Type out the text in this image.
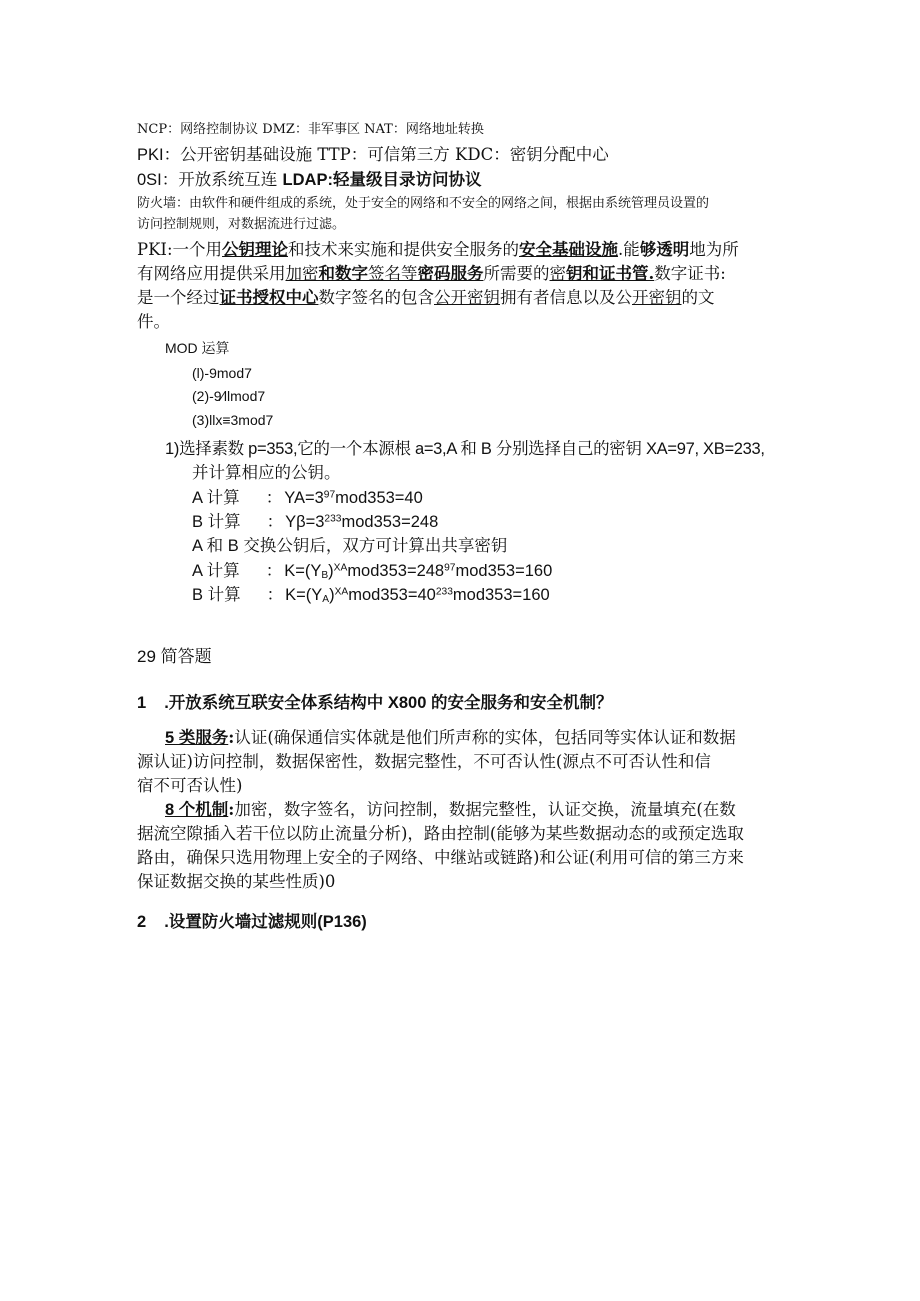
NCP：网络控制协议 DMZ：非军事区 NAT：网络地址转换
PKI：公开密钥基础设施 TTP：可信第三方 KDC：密钥分配中心
0SI：开放系统互连 LDAP:轻量级目录访问协议
防火墙：由软件和硬件组成的系统，处于安全的网络和不安全的网络之间，根据由系统管理员设置的
访问控制规则，对数据流进行过滤。
PKI:一个用公钥理论和技术来实施和提供安全服务的安全基础设施.能够透明地为所
有网络应用提供采用加密和数字签名等密码服务所需要的密钥和证书管.数字证书:
是一个经过证书授权中心数字签名的包含公开密钥拥有者信息以及公开密钥的文
件。
MOD 运算
(l)-9mod7
(2)-9⁄llmod7
(3)llx≡3mod7
1)选择素数 p=353,它的一个本源根 a=3,A 和 B 分别选择自己的密钥 XA=97, XB=233,
并计算相应的公钥。
A 计算 ： $YA=3^{97}mod353=40$
B 计算 ： $Y\beta=3^{233}mod353=248$
A 和 B 交换公钥后，双方可计算出共享密钥
A 计算 ： $K=(Y_B)^{XA}mod353=248^{97}mod353=160$
B 计算 ： $K=(Y_A)^{XA}mod353=40^{233}mod353=160$
29 简答题
1 .开放系统互联安全体系结构中 X800 的安全服务和安全机制？
5 类服务:认证(确保通信实体就是他们所声称的实体，包括同等实体认证和数据
源认证)访问控制，数据保密性，数据完整性，不可否认性(源点不可否认性和信
宿不可否认性)
8 个机制:加密，数字签名，访问控制，数据完整性，认证交换，流量填充(在数
据流空隙插入若干位以防止流量分析)，路由控制(能够为某些数据动态的或预定选取
路由，确保只选用物理上安全的子网络、中继站或链路)和公证(利用可信的第三方来
保证数据交换的某些性质)0
2 .设置防火墙过滤规则(P136)
